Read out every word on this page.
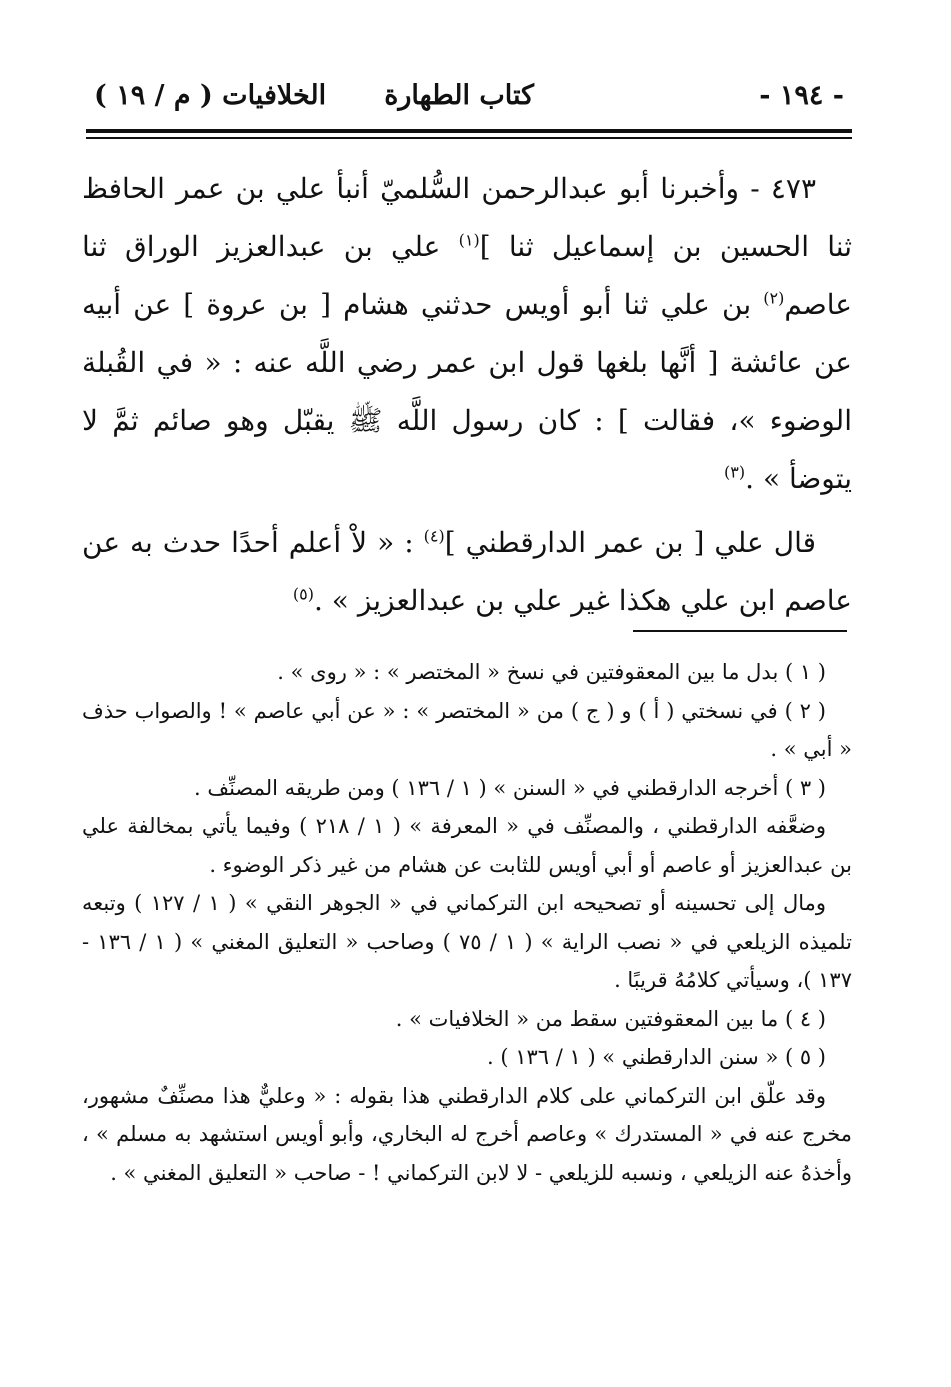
- ١٩٤ -
كتاب الطهارة
الخلافيات ( م / ١٩ )

٤٧٣ - وأخبرنا أبو عبدالرحمن السُّلميّ أنبأ علي بن عمر الحافظ ثنا الحسين بن إسماعيل ثنا ]$^{(١)}$ علي بن عبدالعزيز الوراق ثنا عاصم$^{(٢)}$ بن علي ثنا أبو أويس حدثني هشام [ بن عروة ] عن أبيه عن عائشة [ أنَّها بلغها قول ابن عمر رضي اللَّه عنه : « في القُبلة الوضوء »، فقالت ] : كان رسول اللَّه ﷺ يقبّل وهو صائم ثمَّ لا يتوضأ » .$^{(٣)}$

قال علي [ بن عمر الدارقطني ]$^{(٤)}$ : « لاْ أعلم أحدًا حدث به عن عاصم ابن علي هكذا غير علي بن عبدالعزيز » .$^{(٥)}$

( ١ ) بدل ما بين المعقوفتين في نسخ « المختصر » : « روى » .

( ٢ ) في نسختي ( أ ) و ( ج ) من « المختصر » : « عن أبي عاصم » ! والصواب حذف « أبي » .

( ٣ ) أخرجه الدارقطني في « السنن » ( ١ / ١٣٦ ) ومن طريقه المصنِّف .

وضعَّفه الدارقطني ، والمصنِّف في « المعرفة » ( ١ / ٢١٨ ) وفيما يأتي بمخالفة علي بن عبدالعزيز أو عاصم أو أبي أويس للثابت عن هشام من غير ذكر الوضوء .

ومال إلى تحسينه أو تصحيحه ابن التركماني في « الجوهر النقي » ( ١ / ١٢٧ ) وتبعه تلميذه الزيلعي في « نصب الراية » ( ١ / ٧٥ ) وصاحب « التعليق المغني » ( ١ / ١٣٦ - ١٣٧ )، وسيأتي كلامُهُ قريبًا .

( ٤ ) ما بين المعقوفتين سقط من « الخلافيات » .

( ٥ ) « سنن الدارقطني » ( ١ / ١٣٦ ) .

وقد علّق ابن التركماني على كلام الدارقطني هذا بقوله : « وعليٌّ هذا مصنِّفٌ مشهور، مخرج عنه في « المستدرك » وعاصم أخرج له البخاري، وأبو أويس استشهد به مسلم » ، وأخذهُ عنه الزيلعي ، ونسبه للزيلعي - لا لابن التركماني ! - صاحب « التعليق المغني » .
